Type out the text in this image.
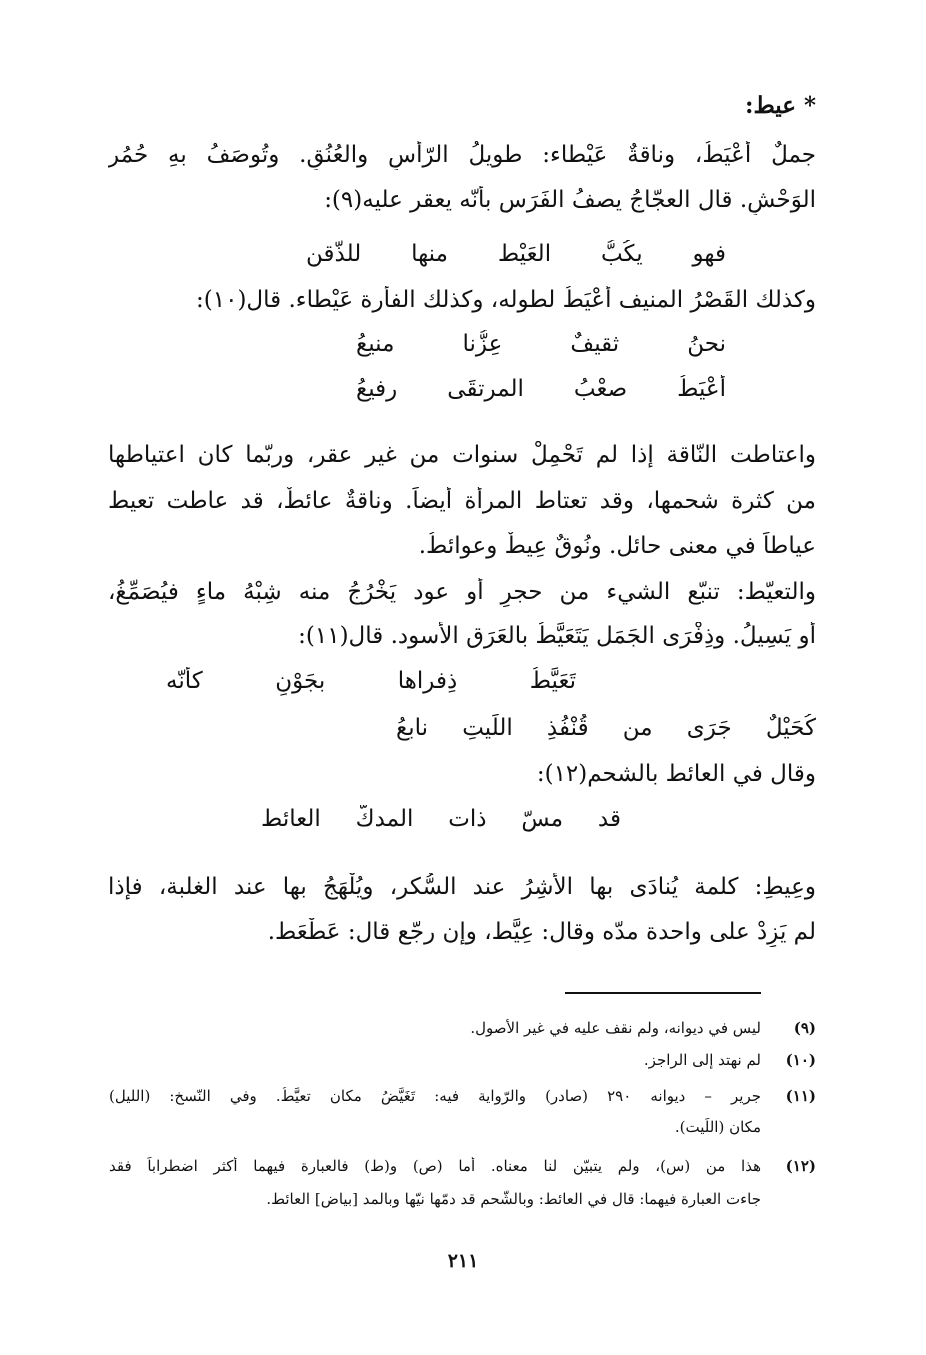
* عيط:
جملٌ أعْيَطُ، وناقةٌ عَيْطاء: طويلُ الرّأسِ والعُنُقِ. وتُوصَفُ بهِ حُمُر
الوَحْشِ. قال العجّاجُ يصفُ الفَرَس بأنّه يعقر عليه(٩):
فهو يكُبُّ العَيْط منها للذّقن
وكذلك القَصْرُ المنيف أعْيَطُ لطوله، وكذلك الفأرة عَيْطاء. قال(١٠):
نحنُ ثقيفٌ عِزُّنا منيعُ
أعْيَطُ صعْبُ المرتقَى رفيعُ
واعتاطت النّاقة إذا لم تَحْمِلْ سنوات من غير عقر، وربّما كان اعتياطها
من كثرة شحمها، وقد تعتاط المرأة أيضاً. وناقةٌ عائطٌ، قد عاطت تعيط
عياطاً في معنى حائل. ونُوقٌ عِيطٌ وعوائطُ.
والتعيّط: تنبّع الشيء من حجرٍ أو عود يَخْرُجُ منه شِبْهُ ماءٍ فيُصَمِّغُ،
أو يَسِيلُ. وذِفْرَى الجَمَل يَتَعَيَّطُ بالعَرَق الأسود. قال(١١):
تَعَيَّطُ ذِفراها بجَوْنٍ كأنّه
كُحَيْلٌ جَرَى من قُنْفُذِ اللِّيتِ نابعُ
وقال في العائط بالشحم(١٢):
قد مسّ ذات المدكّ العائط
وعِيطِ: كلمة يُنادَى بها الأشِرُ عند السُّكر، ويُلْهَجُ بها عند الغلبة، فإذا
لم يَزِدْ على واحدة مدّه وقال: عِيَّط، وإن رجّع قال: عَطْعَط.
(٩)
ليس في ديوانه، ولم نقف عليه في غير الأصول.
(١٠)
لم نهتد إلى الراجز.
(١١)
جرير – ديوانه ٢٩٠ (صادر) والرّواية فيه: تَغَيَّضُ مكان تعيَّطُ. وفي النّسخ: (الليل)
مكان (اللِّيت).
(١٢)
هذا من (س)، ولم يتبيّن لنا معناه. أما (ص) و(ط) فالعبارة فيهما أكثر اضطراباً فقد
جاءت العبارة فيهما: قال في العائط: وبالشّحم قد دمّها نيّها وبالمد [بياض] العائط.
٢١١
